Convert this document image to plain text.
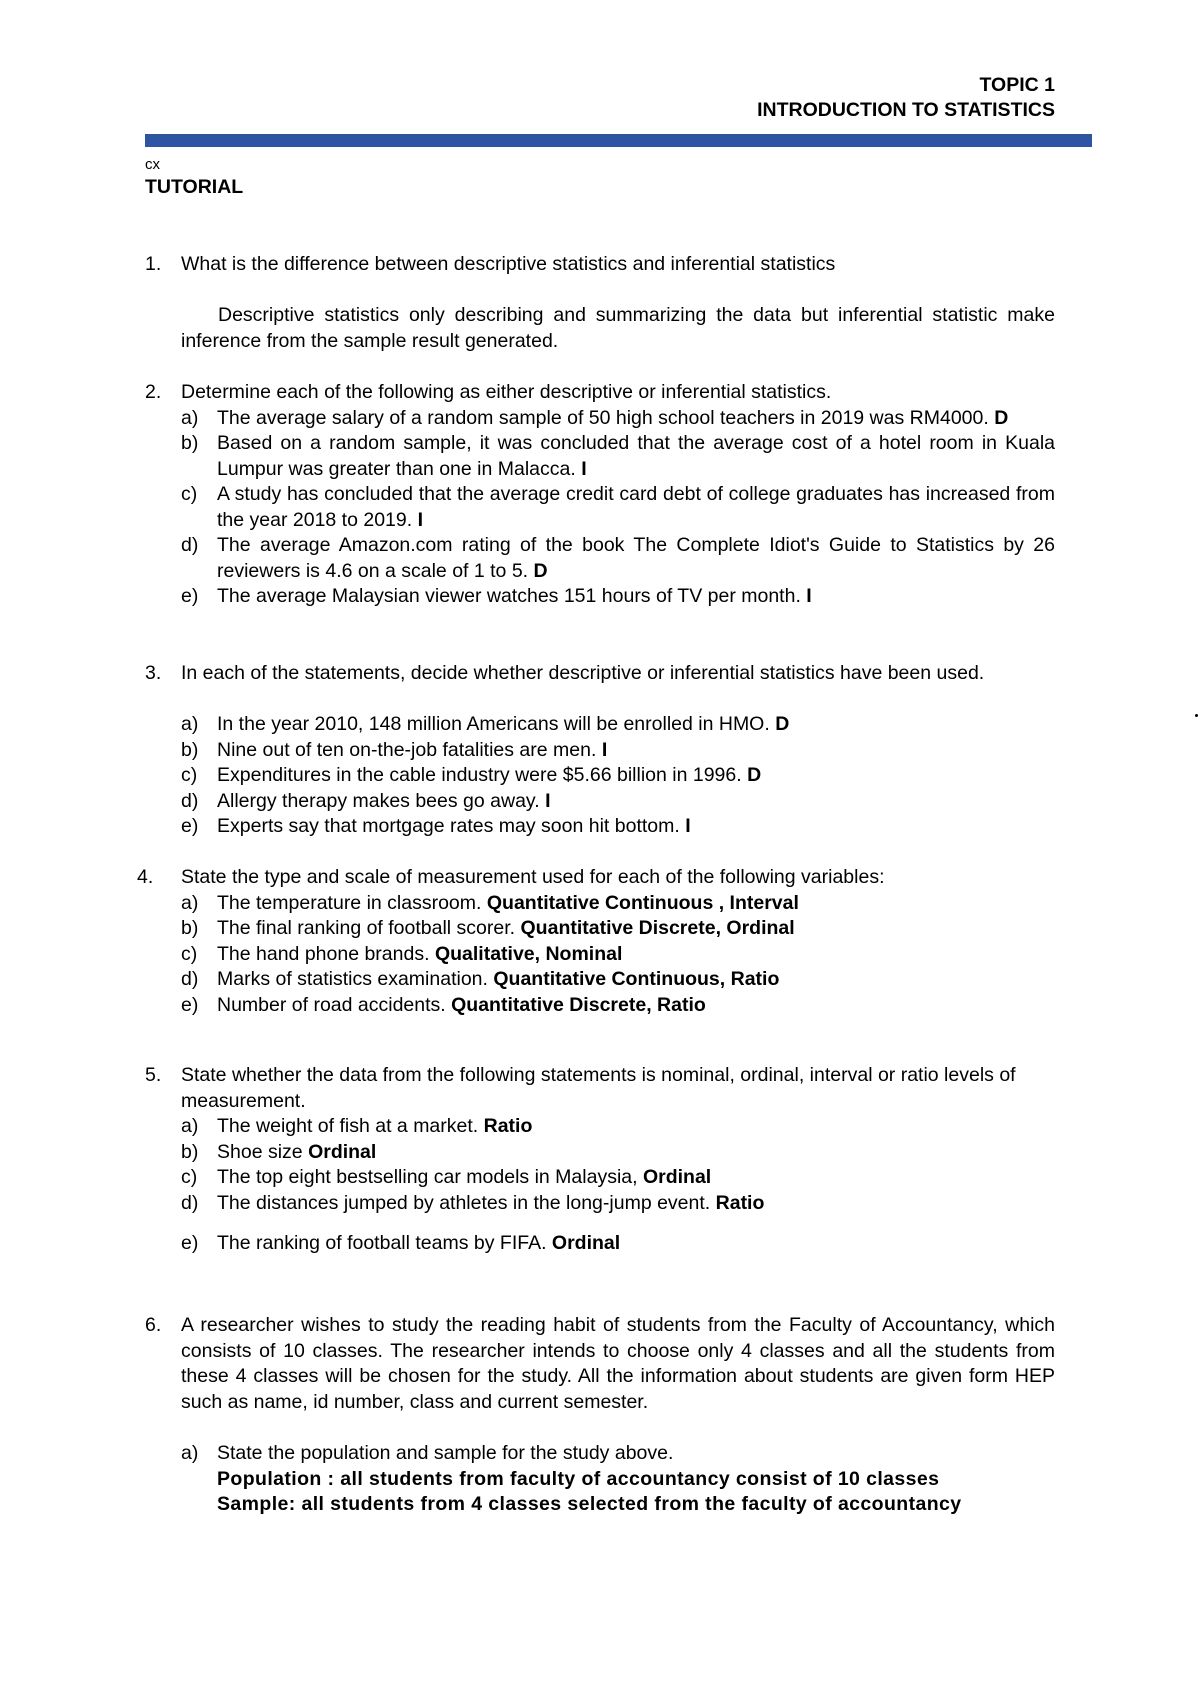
TOPIC 1
INTRODUCTION TO STATISTICS
cx
TUTORIAL
1. What is the difference between descriptive statistics and inferential statistics

Descriptive statistics only describing and summarizing the data but inferential statistic make inference from the sample result generated.
2. Determine each of the following as either descriptive or inferential statistics.

a) The average salary of a random sample of 50 high school teachers in 2019 was RM4000. D
b) Based on a random sample, it was concluded that the average cost of a hotel room in Kuala Lumpur was greater than one in Malacca. I
c) A study has concluded that the average credit card debt of college graduates has increased from the year 2018 to 2019. I
d) The average Amazon.com rating of the book The Complete Idiot's Guide to Statistics by 26 reviewers is 4.6 on a scale of 1 to 5. D
e) The average Malaysian viewer watches 151 hours of TV per month. I
3. In each of the statements, decide whether descriptive or inferential statistics have been used.

a) In the year 2010, 148 million Americans will be enrolled in HMO. D
b) Nine out of ten on-the-job fatalities are men. I
c) Expenditures in the cable industry were $5.66 billion in 1996. D
d) Allergy therapy makes bees go away. I
e) Experts say that mortgage rates may soon hit bottom. I
4. State the type and scale of measurement used for each of the following variables:

a) The temperature in classroom. Quantitative Continuous , Interval
b) The final ranking of football scorer. Quantitative Discrete, Ordinal
c) The hand phone brands. Qualitative, Nominal
d) Marks of statistics examination. Quantitative Continuous, Ratio
e) Number of road accidents. Quantitative Discrete, Ratio
5. State whether the data from the following statements is nominal, ordinal, interval or ratio levels of measurement.

a) The weight of fish at a market. Ratio
b) Shoe size Ordinal
c) The top eight bestselling car models in Malaysia, Ordinal
d) The distances jumped by athletes in the long-jump event. Ratio
e) The ranking of football teams by FIFA. Ordinal
6. A researcher wishes to study the reading habit of students from the Faculty of Accountancy, which consists of 10 classes. The researcher intends to choose only 4 classes and all the students from these 4 classes will be chosen for the study. All the information about students are given form HEP such as name, id number, class and current semester.

a) State the population and sample for the study above.
Population : all students from faculty of accountancy consist of 10 classes
Sample: all students from 4 classes selected from the faculty of accountancy
